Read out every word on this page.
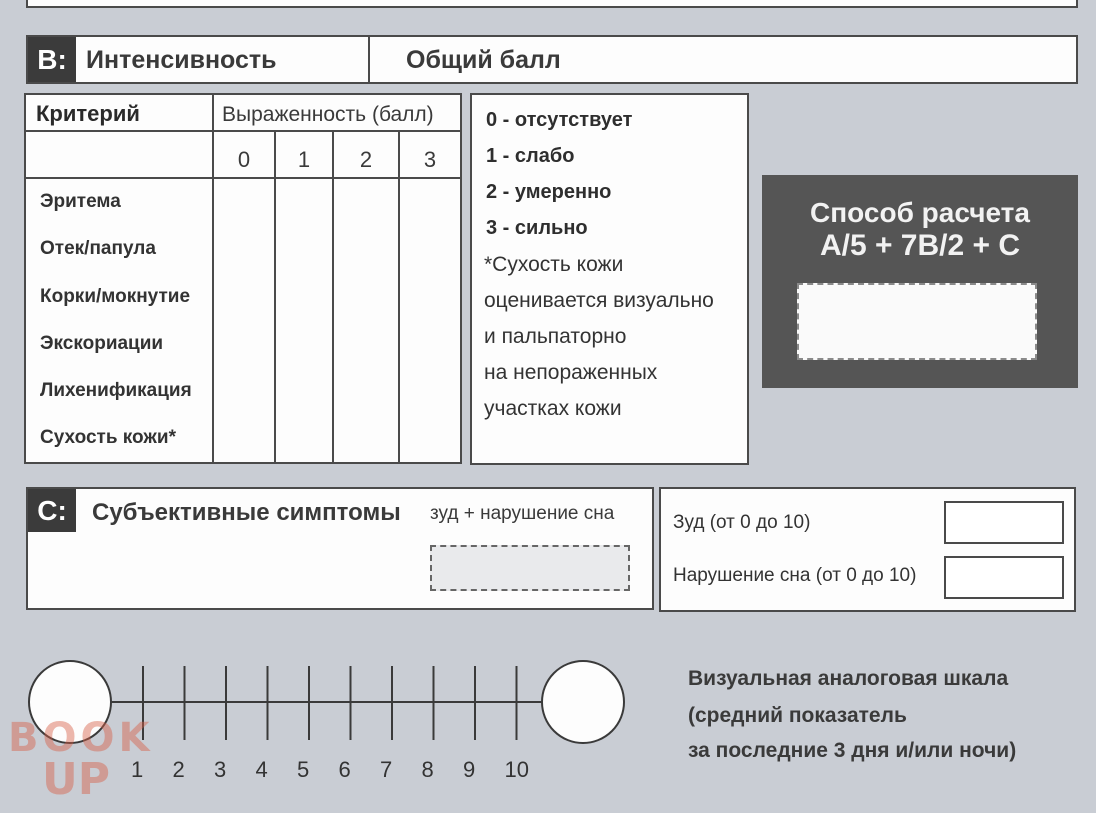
B: Интенсивность	Общий балл
Критерий	Выраженность (балл)
0	1	2	3
Эритема
Отек/папула
Корки/мокнутие
Экскориации
Лихенификация
Сухость кожи*
0 - отсутствует
1 - слабо
2 - умеренно
3 - сильно
*Сухость кожи
оценивается визуально
и пальпаторно
на непораженных
участках кожи
Способ расчета
А/5 + 7В/2 + С
С:	Субъективные симптомы зуд + нарушение сна	Зуд (от 0 до 10)
Нарушение сна (от 0 до 10)
1 2 3 4 5 6 7 8 9 10
Визуальная аналоговая шкала
(средний показатель
за последние 3 дня и/или ночи)
BOOK
UP
